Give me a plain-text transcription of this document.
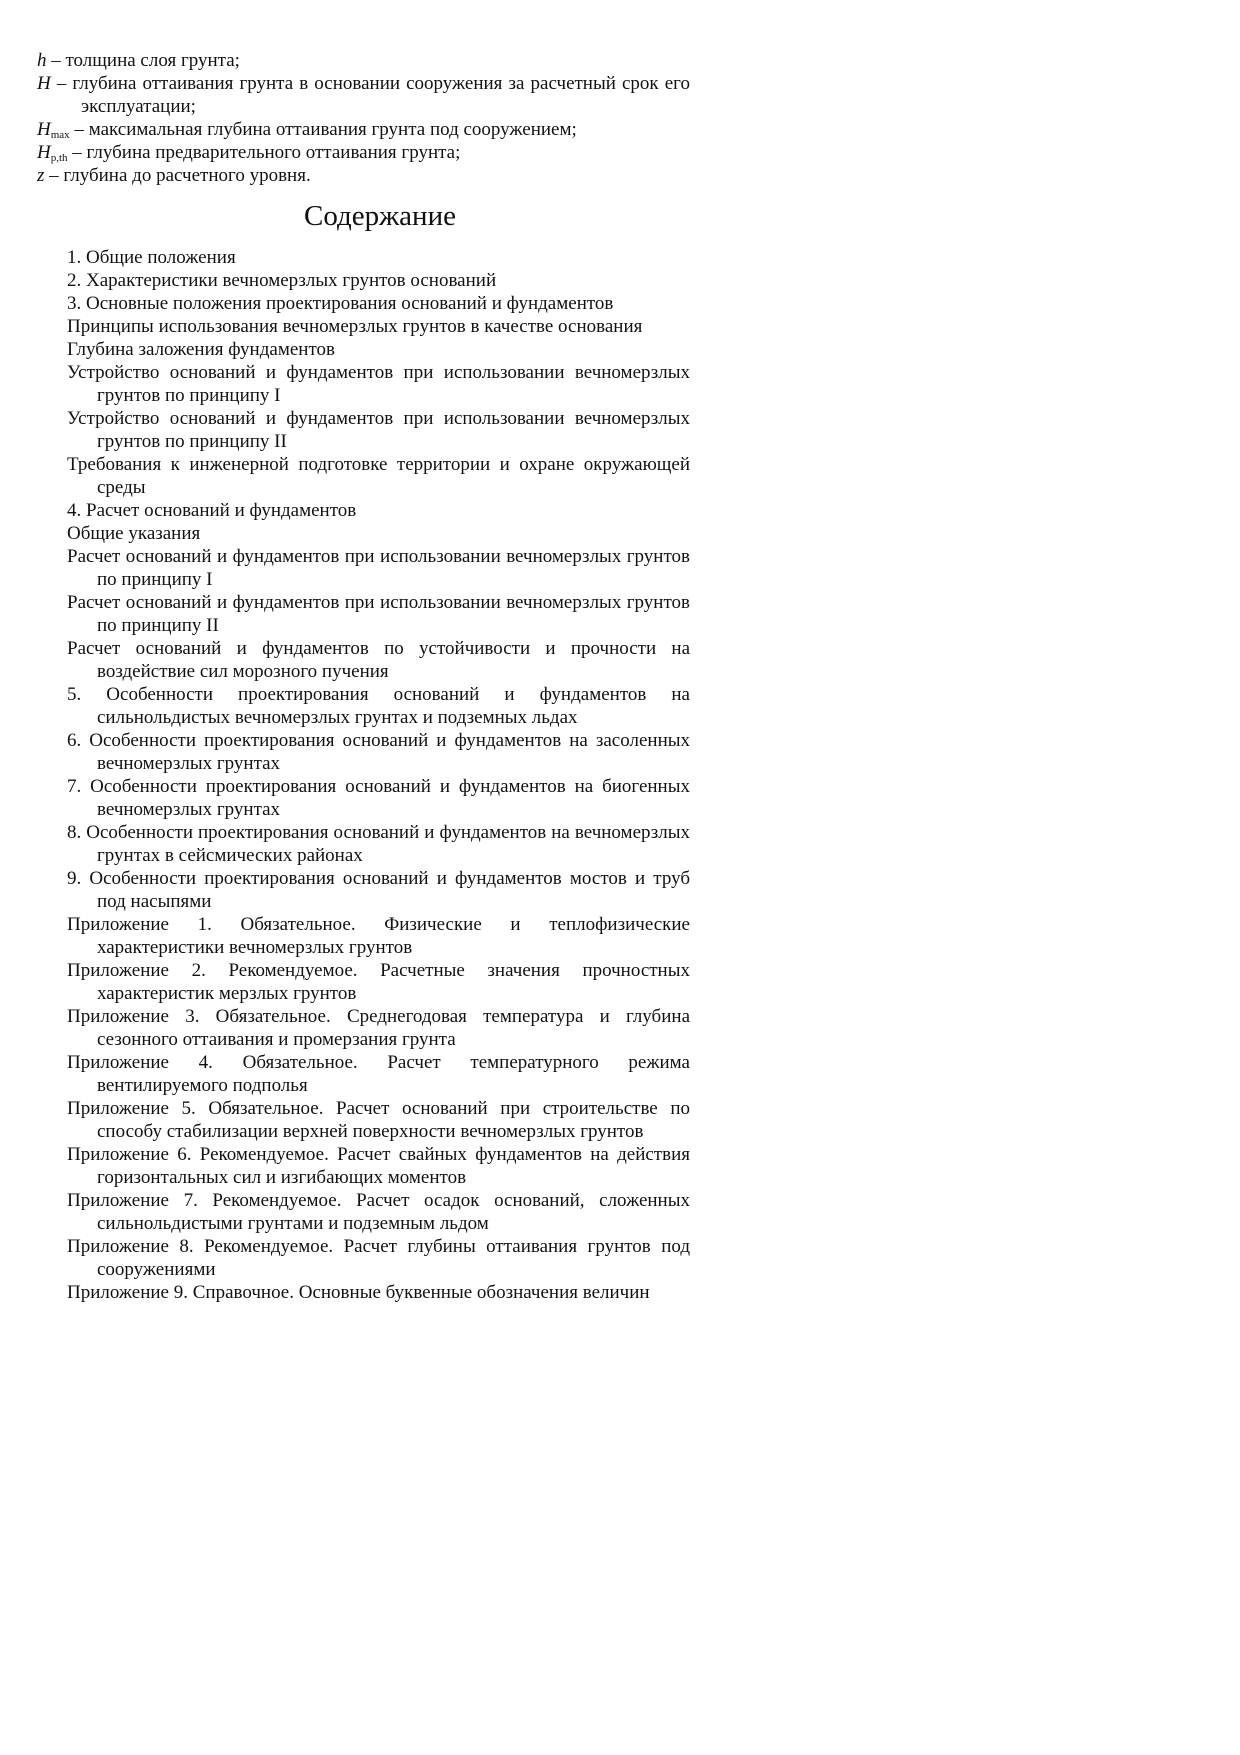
h – толщина слоя грунта;
H – глубина оттаивания грунта в основании сооружения за расчетный срок его эксплуатации;
$H_{max}$ – максимальная глубина оттаивания грунта под сооружением;
$H_{p,th}$ – глубина предварительного оттаивания грунта;
z – глубина до расчетного уровня.
Содержание
1. Общие положения
2. Характеристики вечномерзлых грунтов оснований
3. Основные положения проектирования оснований и фундаментов
Принципы использования вечномерзлых грунтов в качестве основания
Глубина заложения фундаментов
Устройство оснований и фундаментов при использовании вечномерзлых грунтов по принципу I
Устройство оснований и фундаментов при использовании вечномерзлых грунтов по принципу II
Требования к инженерной подготовке территории и охране окружающей среды
4. Расчет оснований и фундаментов
Общие указания
Расчет оснований и фундаментов при использовании вечномерзлых грунтов по принципу I
Расчет оснований и фундаментов при использовании вечномерзлых грунтов по принципу II
Расчет оснований и фундаментов по устойчивости и прочности на воздействие сил морозного пучения
5. Особенности проектирования оснований и фундаментов на сильнольдистых вечномерзлых грунтах и подземных льдах
6. Особенности проектирования оснований и фундаментов на засоленных вечномерзлых грунтах
7. Особенности проектирования оснований и фундаментов на биогенных вечномерзлых грунтах
8. Особенности проектирования оснований и фундаментов на вечномерзлых грунтах в сейсмических районах
9. Особенности проектирования оснований и фундаментов мостов и труб под насыпями
Приложение 1. Обязательное. Физические и теплофизические характеристики вечномерзлых грунтов
Приложение 2. Рекомендуемое. Расчетные значения прочностных характеристик мерзлых грунтов
Приложение 3. Обязательное. Среднегодовая температура и глубина сезонного оттаивания и промерзания грунта
Приложение 4. Обязательное. Расчет температурного режима вентилируемого подполья
Приложение 5. Обязательное. Расчет оснований при строительстве по способу стабилизации верхней поверхности вечномерзлых грунтов
Приложение 6. Рекомендуемое. Расчет свайных фундаментов на действия горизонтальных сил и изгибающих моментов
Приложение 7. Рекомендуемое. Расчет осадок оснований, сложенных сильнольдистыми грунтами и подземным льдом
Приложение 8. Рекомендуемое. Расчет глубины оттаивания грунтов под сооружениями
Приложение 9. Справочное. Основные буквенные обозначения величин
